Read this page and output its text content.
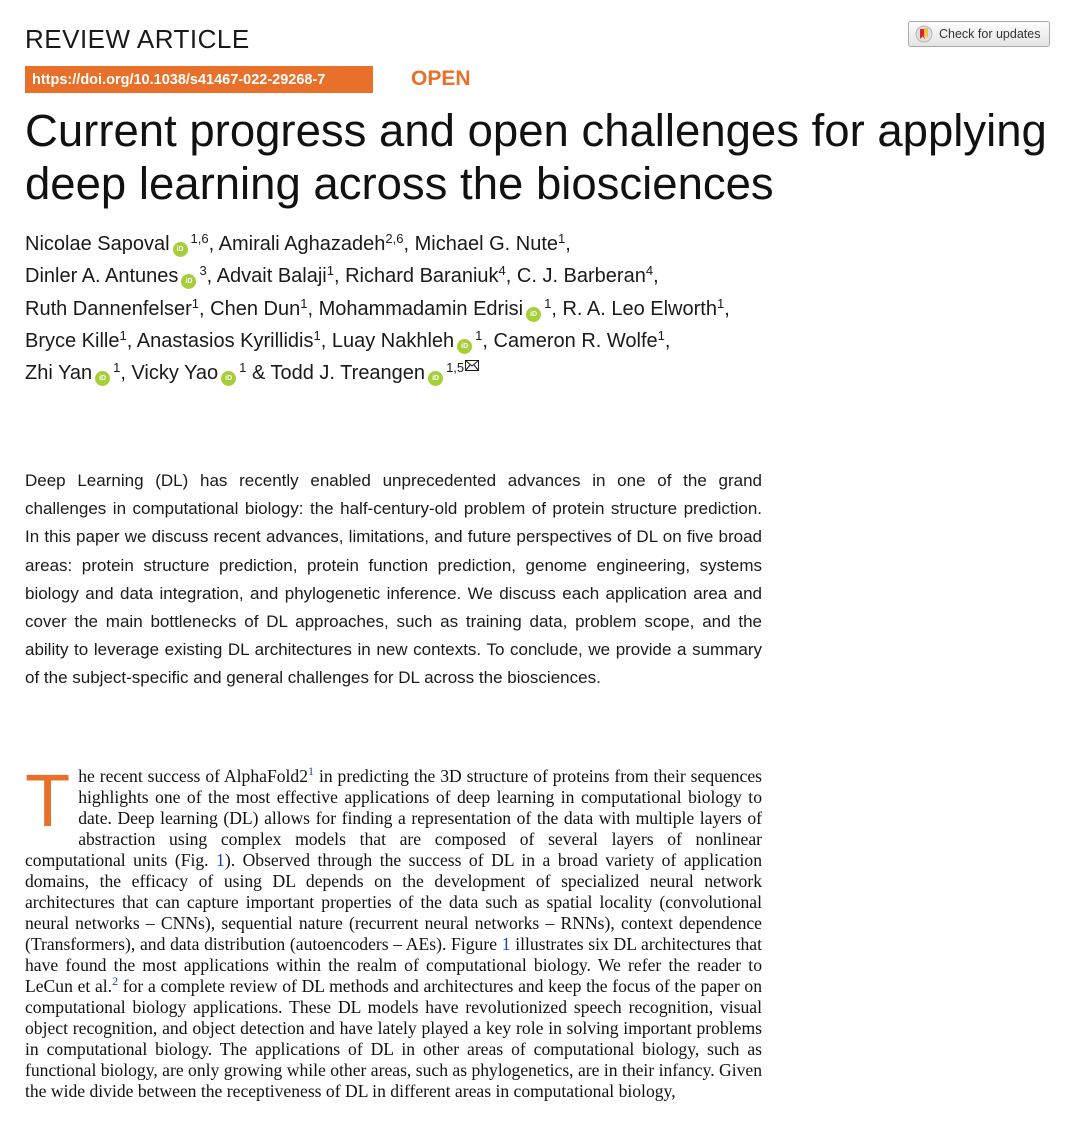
REVIEW ARTICLE	Check for updates
https://doi.org/10.1038/s41467-022-29268-7	OPEN
Current progress and open challenges for applying deep learning across the biosciences
Nicolae Sapoval iD$^{1,6}$, Amirali Aghazadeh$^{2,6}$, Michael G. Nute$^1$,
Dinler A. Antunes $iD^3$, Advait Balaji$^1$, Richard Baraniuk$^4$, C. J. Barberan$^4$,
Ruth Dannenfelser$^1$, Chen Dun$^1$, Mohammadamin Edrisi $iD^1$, R. A. Leo Elworth$^1$,
Bryce Kille$^1$, Anastasios Kyrillidis$^1$, Luay Nakhleh $iD^1$, Cameron R. Wolfe$^1$,
Zhi Yan $iD^1$, Vicky Yao $iD^1$ & Todd J. Treangen iD$^{1,5}$

Deep Learning (DL) has recently enabled unprecedented advances in one of the grand challenges in computational biology: the half-century-old problem of protein structure prediction. In this paper we discuss recent advances, limitations, and future perspectives of DL on five broad areas: protein structure prediction, protein function prediction, genome engineering, systems biology and data integration, and phylogenetic inference. We discuss each application area and cover the main bottlenecks of DL approaches, such as training data, problem scope, and the ability to leverage existing DL architectures in new contexts. To conclude, we provide a summary of the subject-specific and general challenges for DL across the biosciences.

The recent success of $AlphaFold2^1$ in predicting the 3D structure of proteins from their sequences highlights one of the most effective applications of deep learning in computational biology to date. Deep learning (DL) allows for finding a representation of the data with multiple layers of abstraction using complex models that are composed of several layers of nonlinear computational units (Fig. 1). Observed through the success of DL in a broad variety of application domains, the efficacy of using DL depends on the development of specialized neural network architectures that can capture important properties of the data such as spatial locality (convolutional neural networks – CNNs), sequential nature (recurrent neural networks – RNNs), context dependence (Transformers), and data distribution (autoencoders – AEs). Figure 1 illustrates six DL architectures that have found the most applications within the realm of computational biology. We refer the reader to LeCun et al.$^2$ for a complete review of DL methods and architectures and keep the focus of the paper on computational biology applications. These DL models have revolutionized speech recognition, visual object recognition, and object detection and have lately played a key role in solving important problems in computational biology. The applications of DL in other areas of computational biology, such as functional biology, are only growing while other areas, such as phylogenetics, are in their infancy. Given the wide divide between the receptiveness of DL in different areas in computational biology,
